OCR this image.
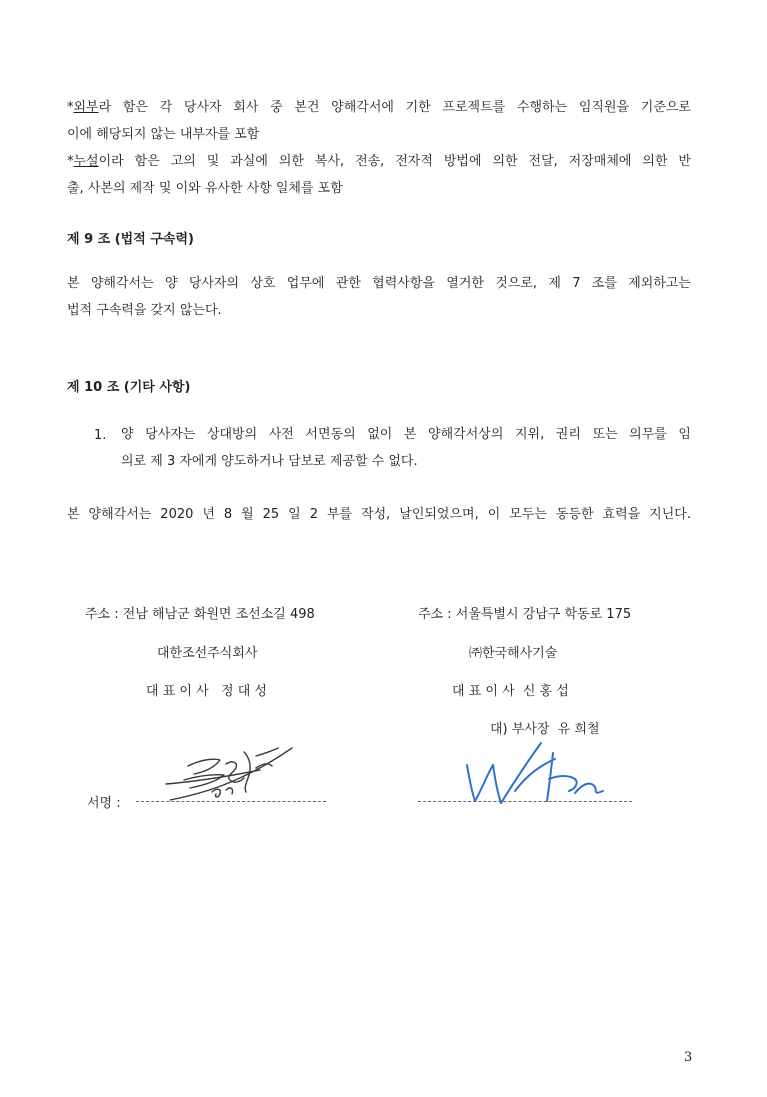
*외부라 함은 각 당사자 회사 중 본건 양해각서에 기한 프로젝트를 수행하는 임직원을 기준으로
이에 해당되지 않는 내부자를 포함
*누설이라 함은 고의 및 과실에 의한 복사, 전송, 전자적 방법에 의한 전달, 저장매체에 의한 반
출, 사본의 제작 및 이와 유사한 사항 일체를 포함
제 9 조 (법적 구속력)
본 양해각서는 양 당사자의 상호 업무에 관한 협력사항을 열거한 것으로, 제 7 조를 제외하고는
법적 구속력을 갖지 않는다.
제 10 조 (기타 사항)
1. 양 당사자는 상대방의 사전 서면동의 없이 본 양해각서상의 지위, 권리 또는 의무를 임
의로 제 3 자에게 양도하거나 담보로 제공할 수 없다.
본 양해각서는 2020 년 8 월 25 일 2 부를 작성, 날인되었으며, 이 모두는 동등한 효력을 지닌다.
주소 : 전남 해남군 화원면 조선소길 498
대한조선주식회사
대 표 이 사   정 대 성
주소 : 서울특별시 강남구 학동로 175
㈜한국해사기술
대 표 이 사  신 홍 섭
대) 부사장  유 희철
서명 :
3
